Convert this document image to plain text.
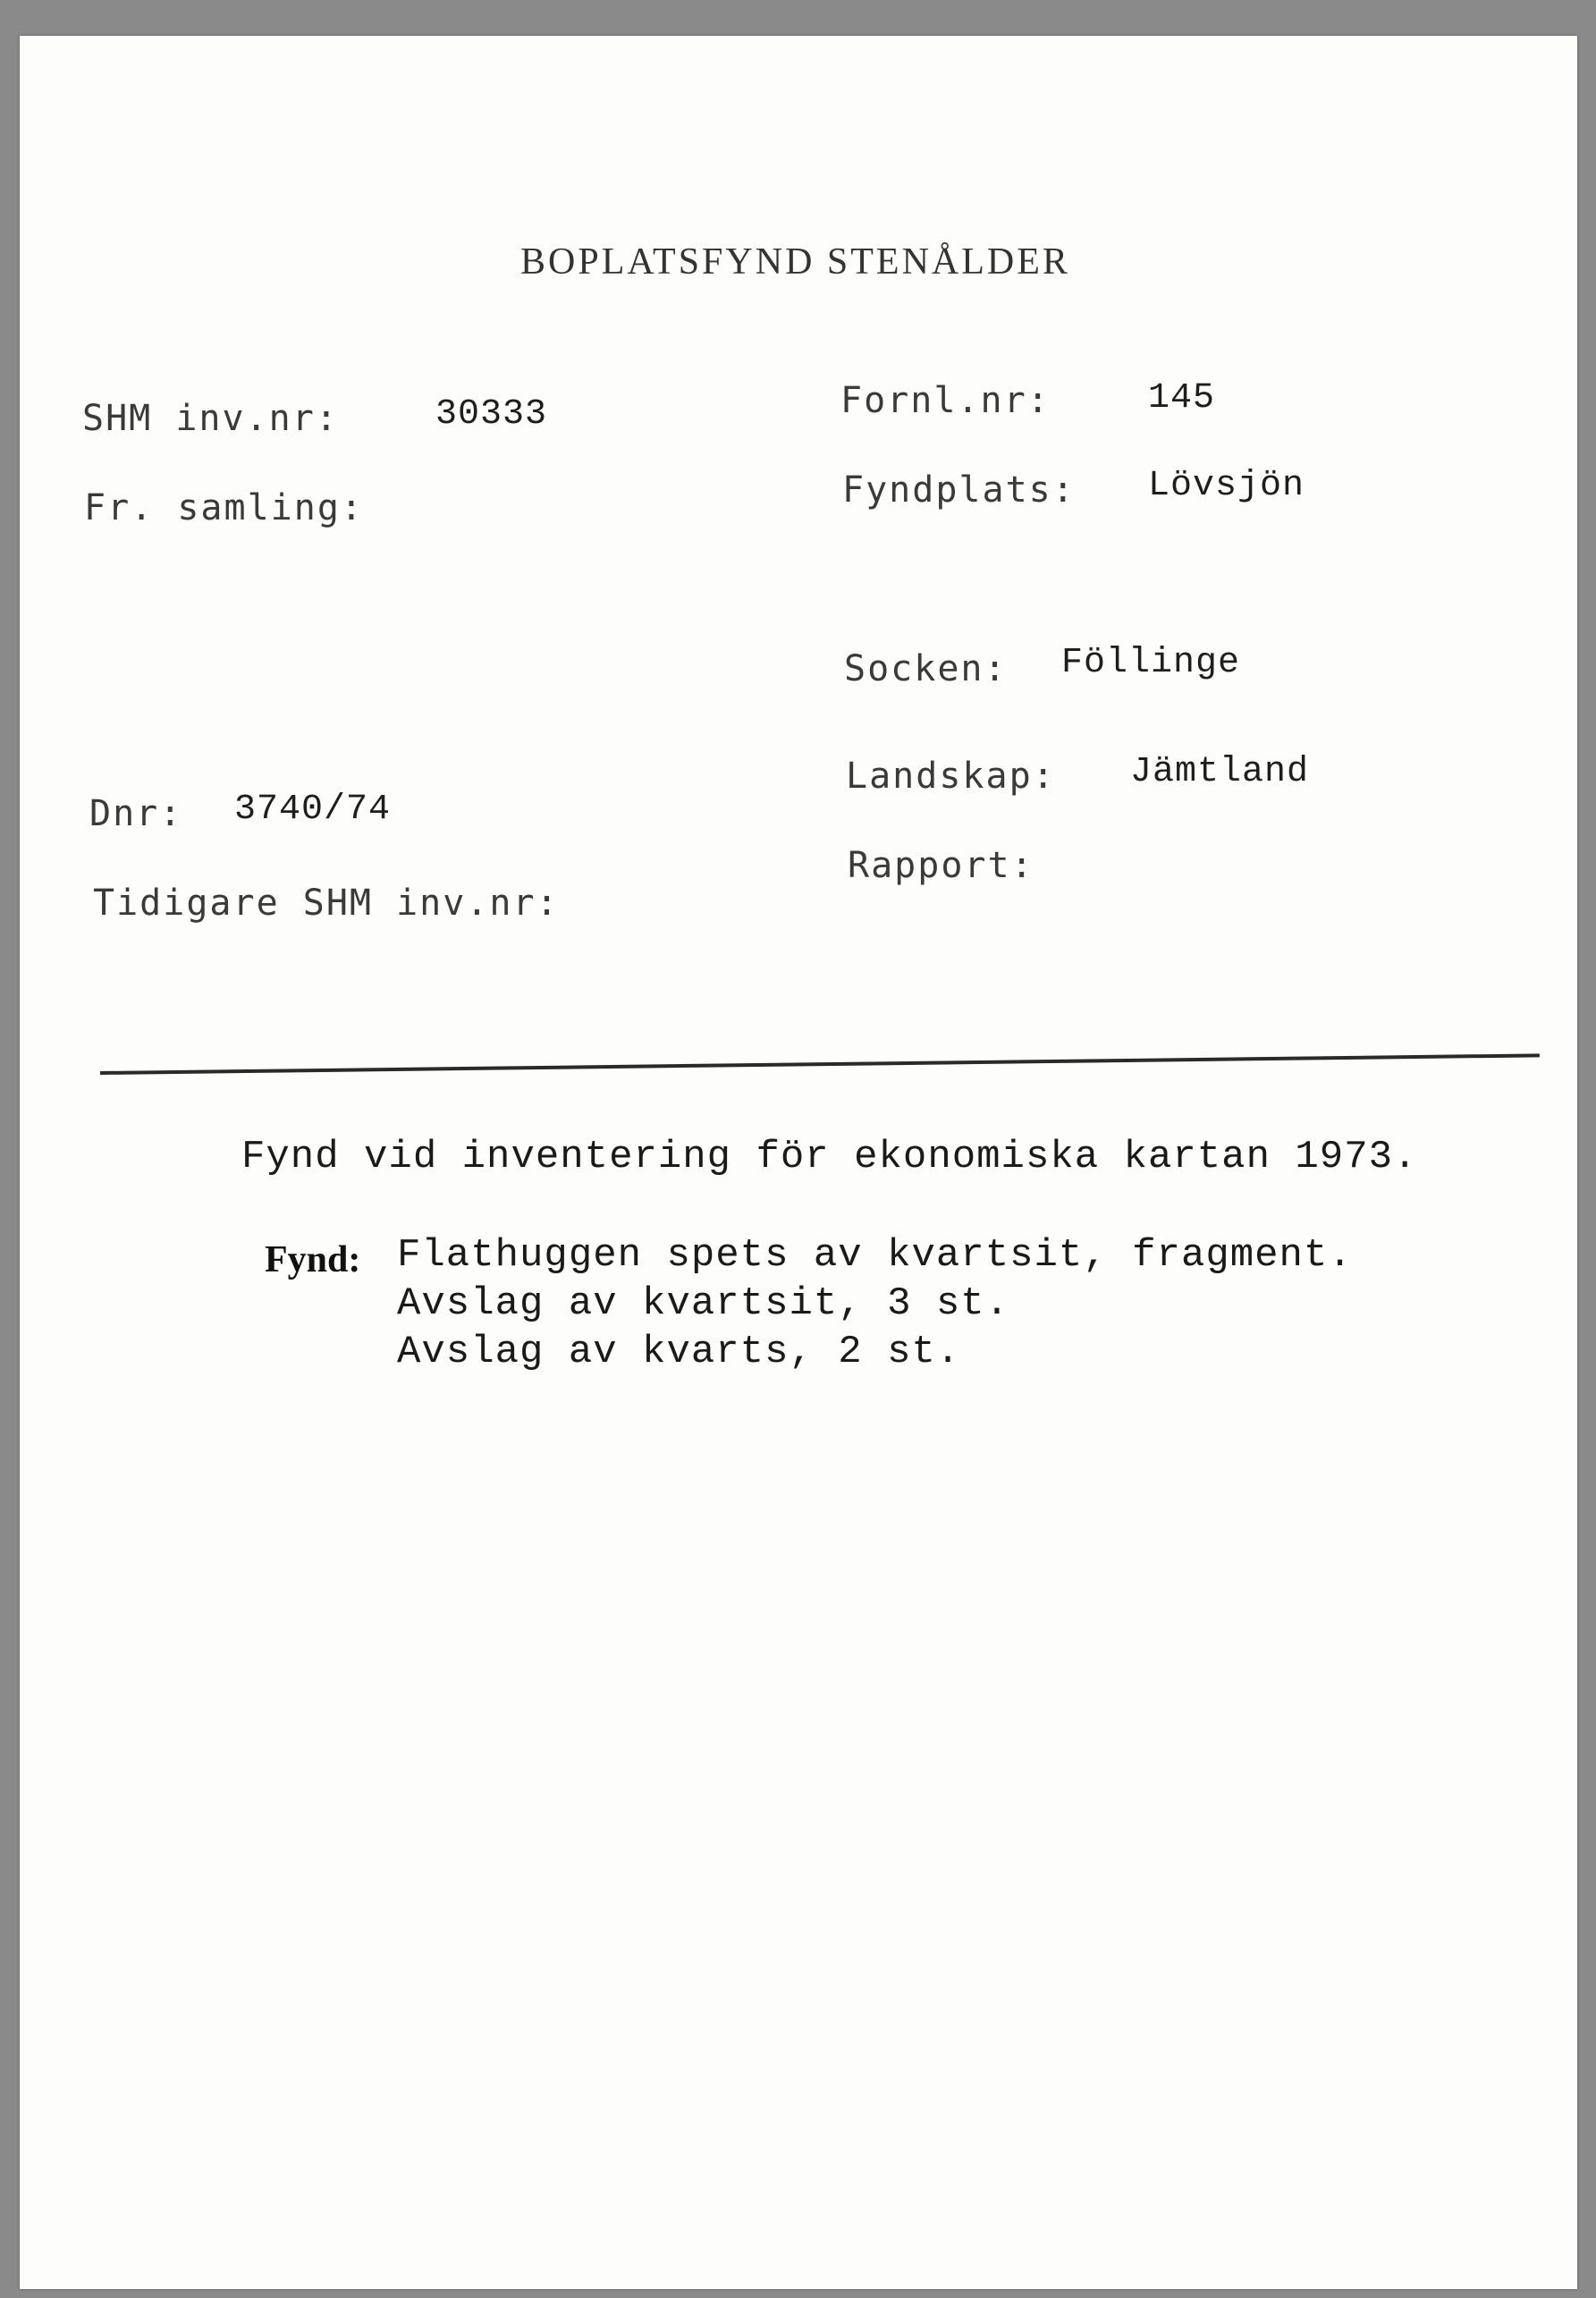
BOPLATSFYND STENÅLDER
SHM inv.nr:	30333
Fr. samling:
Dnr: 3740/74
Tidigare SHM inv.nr:
Fornl.nr:	145
Fyndplats: Lövsjön
Socken: Föllinge
Landskap: Jämtland
Rapport:
Fynd vid inventering för ekonomiska kartan 1973.
Fynd: Flathuggen spets av kvartsit, fragment.
Avslag av kvartsit, 3 st.
Avslag av kvarts, 2 st.
